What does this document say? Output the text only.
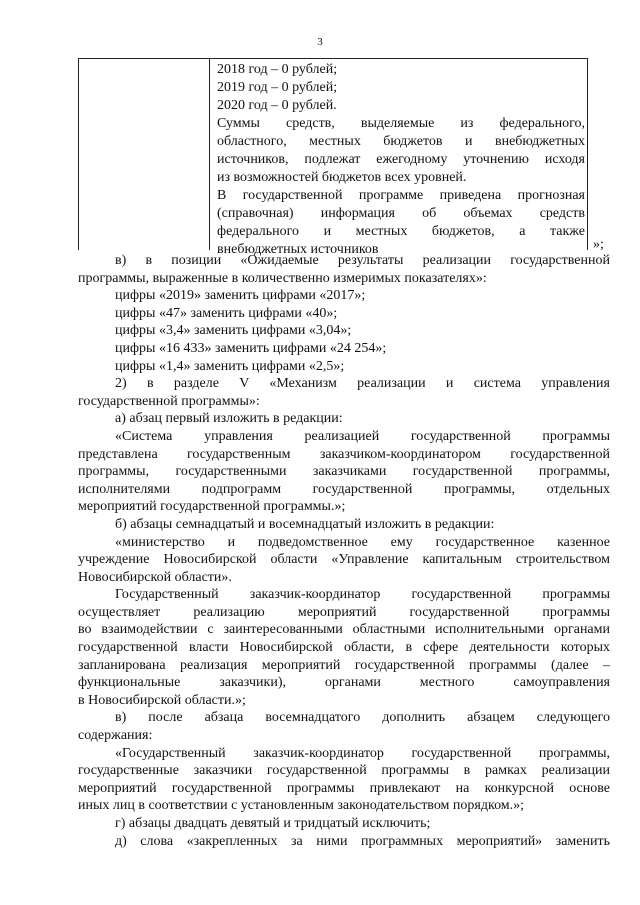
3

2018 год – 0 рублей;

2019 год – 0 рублей;

2020 год – 0 рублей.

Суммы средств, выделяемые из федерального,

областного, местных бюджетов и внебюджетных

источников, подлежат ежегодному уточнению исходя

из возможностей бюджетов всех уровней.

В государственной программе приведена прогнозная

(справочная) информация об объемах средств

федерального и местных бюджетов, а также

внебюджетных источников	»;

в) в позиции «Ожидаемые результаты реализации государственной

программы, выраженные в количественно измеримых показателях»:

цифры «2019» заменить цифрами «2017»;

цифры «47» заменить цифрами «40»;

цифры «3,4» заменить цифрами «3,04»;

цифры «16 433» заменить цифрами «24 254»;

цифры «1,4» заменить цифрами «2,5»;

2) в разделе V «Механизм реализации и система управления

государственной программы»:

а) абзац первый изложить в редакции:

«Система управления реализацией государственной программы

представлена государственным заказчиком-координатором государственной

программы, государственными заказчиками государственной программы,

исполнителями подпрограмм государственной программы, отдельных

мероприятий государственной программы.»;

б) абзацы семнадцатый и восемнадцатый изложить в редакции:

«министерство и подведомственное ему государственное казенное

учреждение Новосибирской области «Управление капитальным строительством

Новосибирской области».

Государственный заказчик-координатор государственной программы

осуществляет реализацию мероприятий государственной программы

во взаимодействии с заинтересованными областными исполнительными органами

государственной власти Новосибирской области, в сфере деятельности которых

запланирована реализация мероприятий государственной программы (далее –

функциональные заказчики), органами местного самоуправления

в Новосибирской области.»;

в) после абзаца восемнадцатого дополнить абзацем следующего

содержания:

«Государственный заказчик-координатор государственной программы,

государственные заказчики государственной программы в рамках реализации

мероприятий государственной программы привлекают на конкурсной основе

иных лиц в соответствии с установленным законодательством порядком.»;

г) абзацы двадцать девятый и тридцатый исключить;

д) слова «закрепленных за ними программных мероприятий» заменить
